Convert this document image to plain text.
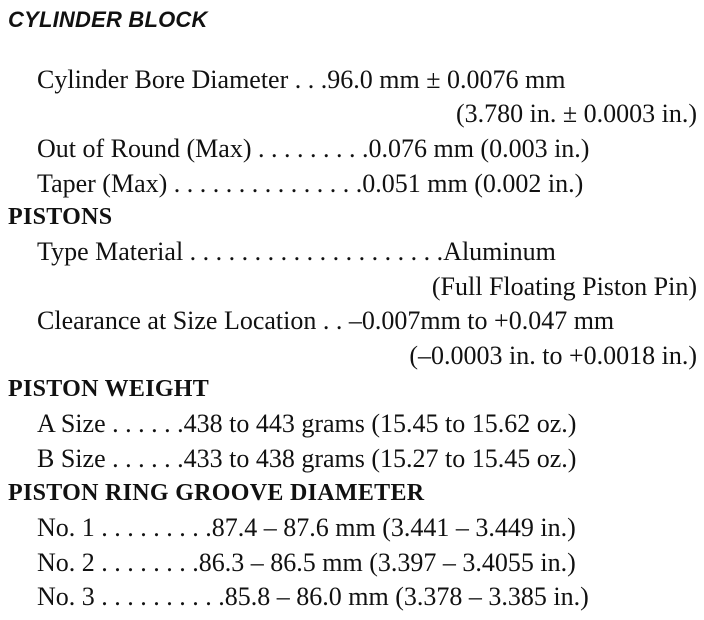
CYLINDER BLOCK
Cylinder Bore Diameter . . .96.0 mm ± 0.0076 mm
(3.780 in. ± 0.0003 in.)
Out of Round (Max) . . . . . . . . .0.076 mm (0.003 in.)
Taper (Max) . . . . . . . . . . . . . . .0.051 mm (0.002 in.)
PISTONS
Type Material . . . . . . . . . . . . . . . . . . . .Aluminum
(Full Floating Piston Pin)
Clearance at Size Location . . –0.007mm to +0.047 mm
(–0.0003 in. to +0.0018 in.)
PISTON WEIGHT
A Size . . . . . .438 to 443 grams (15.45 to 15.62 oz.)
B Size . . . . . .433 to 438 grams (15.27 to 15.45 oz.)
PISTON RING GROOVE DIAMETER
No. 1 . . . . . . . . .87.4 – 87.6 mm (3.441 – 3.449 in.)
No. 2 . . . . . . . .86.3 – 86.5 mm (3.397 – 3.4055 in.)
No. 3 . . . . . . . . . .85.8 – 86.0 mm (3.378 – 3.385 in.)
